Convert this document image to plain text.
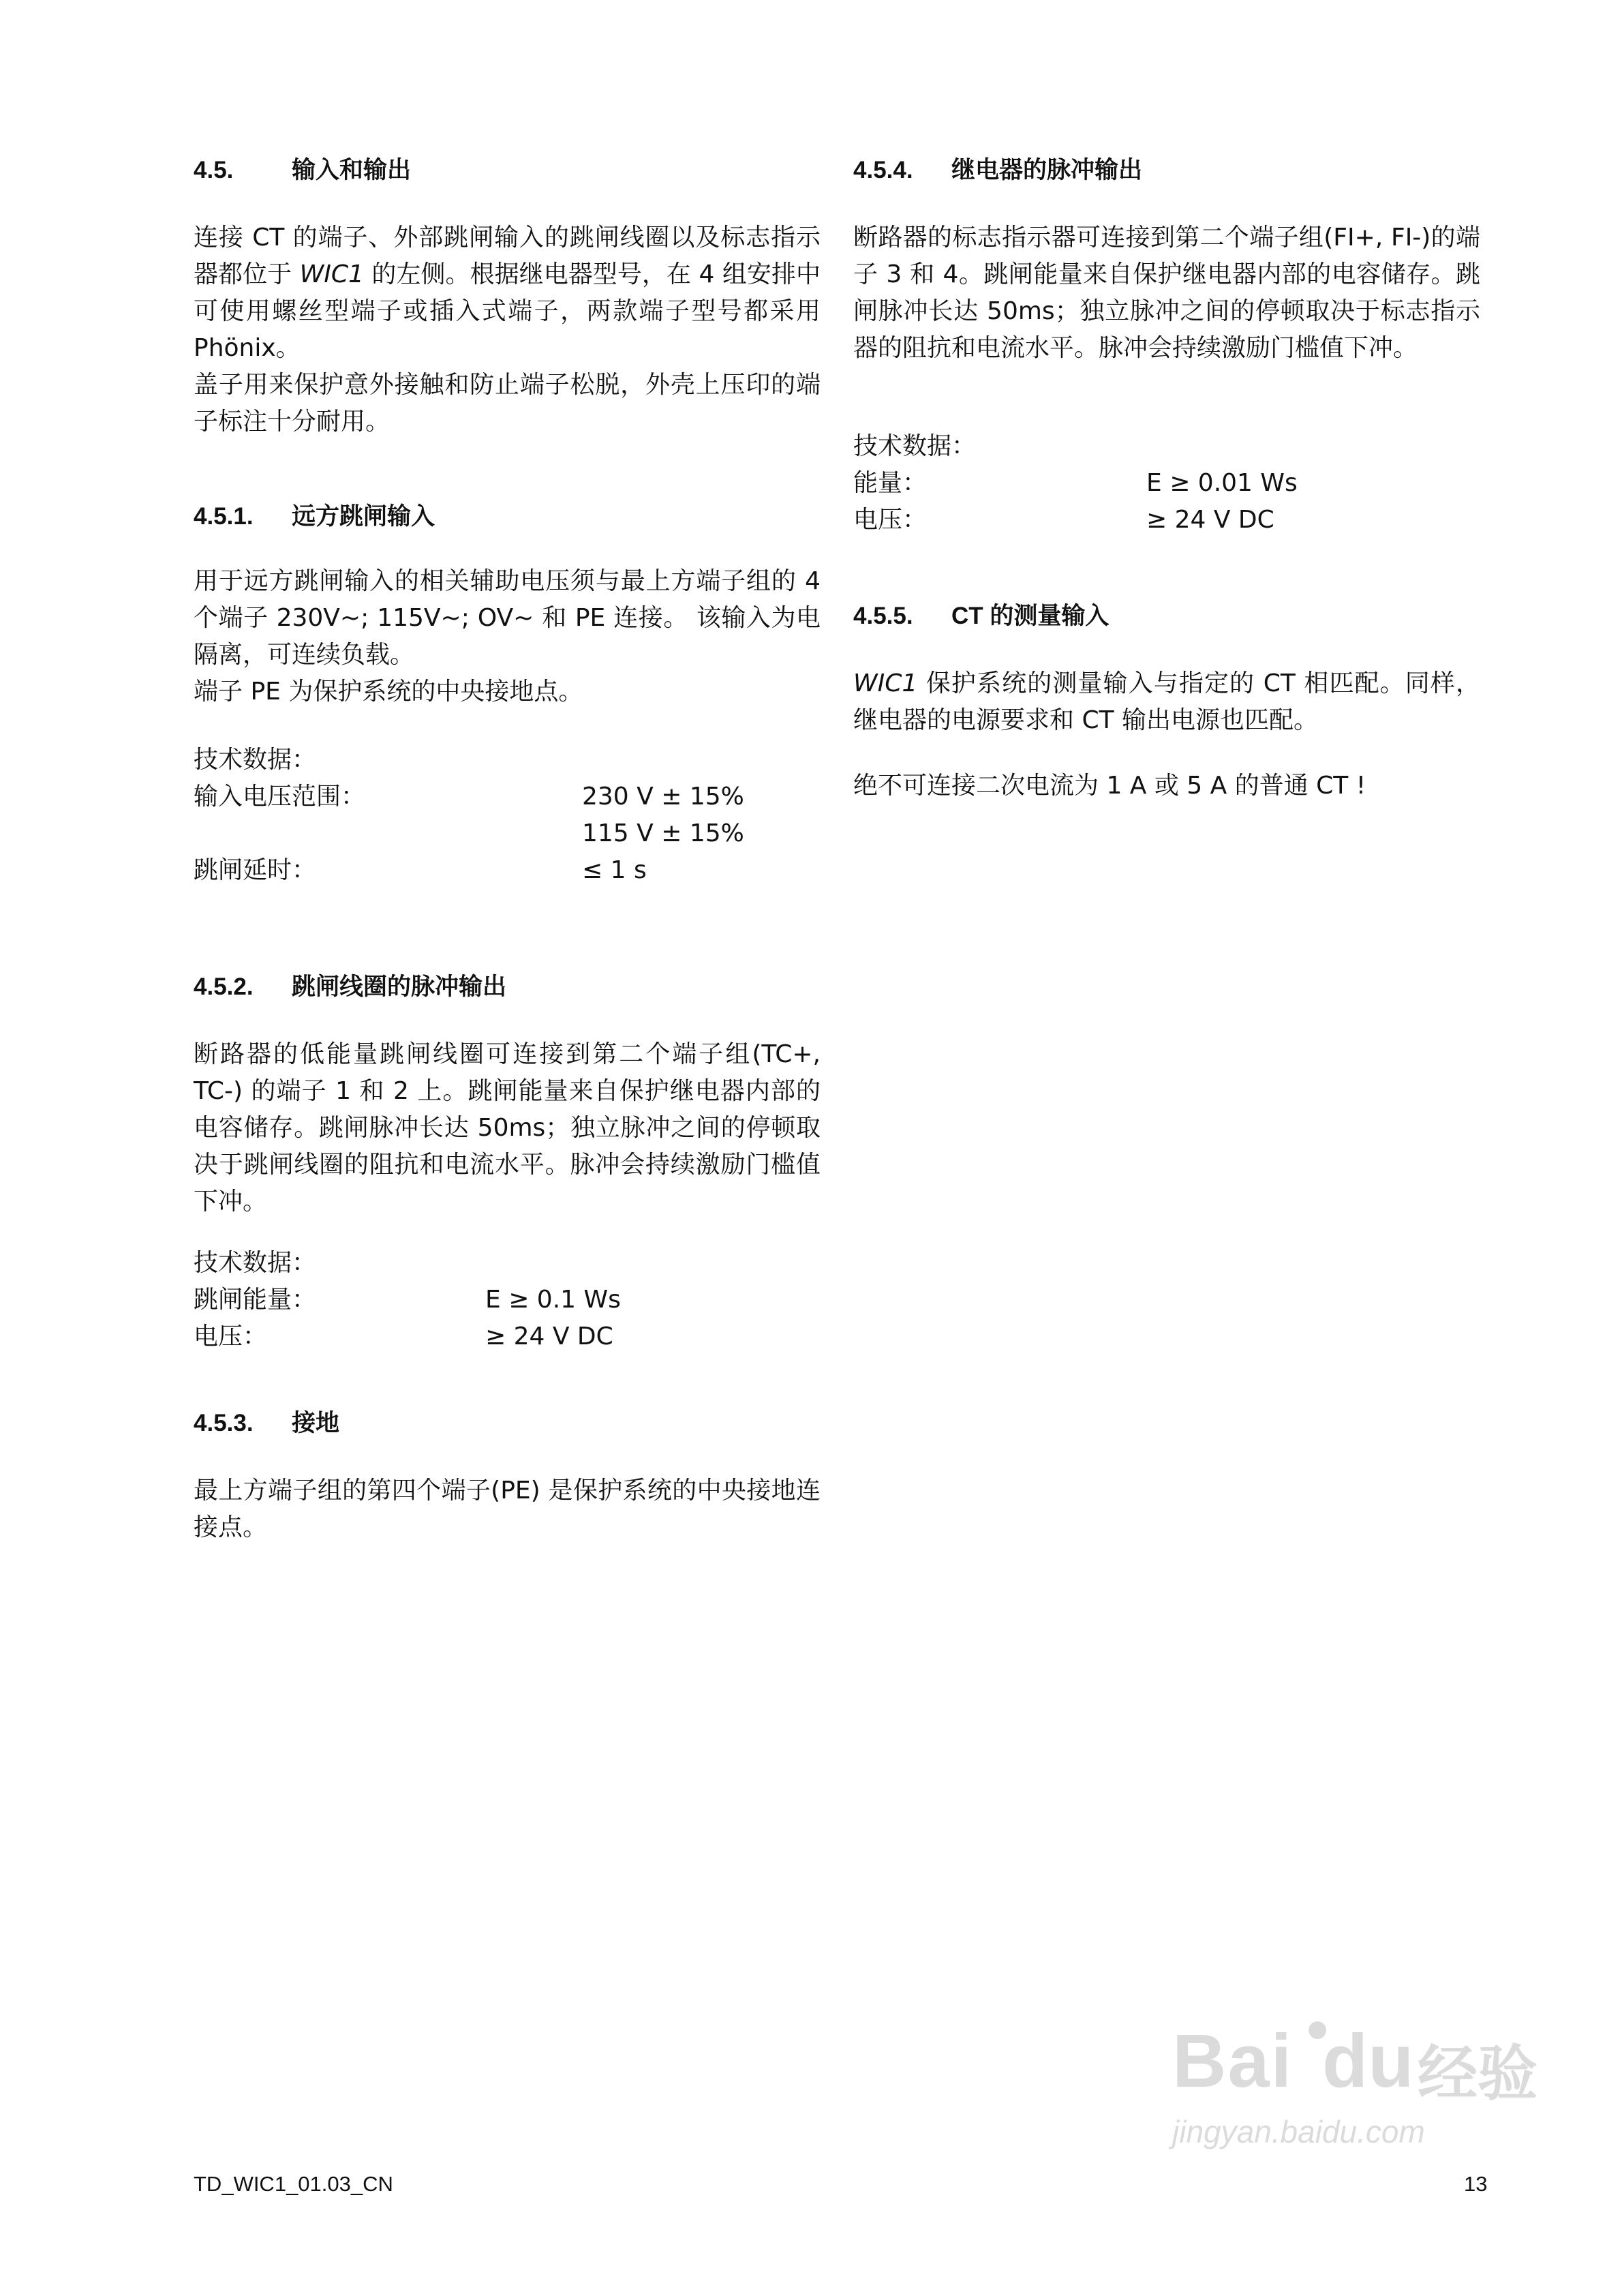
4.5. 输入和输出
连接 CT 的端子、外部跳闸输入的跳闸线圈以及标志指示器都位于 WIC1 的左侧。根据继电器型号，在 4 组安排中可使用螺丝型端子或插入式端子，两款端子型号都采用 Phönix。
盖子用来保护意外接触和防止端子松脱，外壳上压印的端子标注十分耐用。
4.5.1. 远方跳闸输入
用于远方跳闸输入的相关辅助电压须与最上方端子组的 4 个端子 230V~; 115V~; OV~ 和 PE 连接。 该输入为电隔离，可连续负载。
端子 PE 为保护系统的中央接地点。
技术数据：
输入电压范围：	230 V ± 15%
115 V ± 15%
跳闸延时：	≤ 1 s
4.5.2. 跳闸线圈的脉冲输出
断路器的低能量跳闸线圈可连接到第二个端子组(TC+, TC-) 的端子 1 和 2 上。跳闸能量来自保护继电器内部的电容储存。跳闸脉冲长达 50ms；独立脉冲之间的停顿取决于跳闸线圈的阻抗和电流水平。脉冲会持续激励门槛值下冲。
技术数据：
跳闸能量：	E ≥ 0.1 Ws
电压：	≥ 24 V DC
4.5.3. 接地
最上方端子组的第四个端子(PE) 是保护系统的中央接地连接点。
4.5.4. 继电器的脉冲输出
断路器的标志指示器可连接到第二个端子组(FI+, FI-)的端子 3 和 4。跳闸能量来自保护继电器内部的电容储存。跳闸脉冲长达 50ms；独立脉冲之间的停顿取决于标志指示器的阻抗和电流水平。脉冲会持续激励门槛值下冲。
技术数据：
能量：	E ≥ 0.01 Ws
电压：	≥ 24 V DC
4.5.5. CT 的测量输入
WIC1 保护系统的测量输入与指定的 CT 相匹配。同样，继电器的电源要求和 CT 输出电源也匹配。
绝不可连接二次电流为 1 A 或 5 A 的普通 CT !
Bai ●
du 经验
jingyan.baidu.com
TD_WIC1_01.03_CN	13
